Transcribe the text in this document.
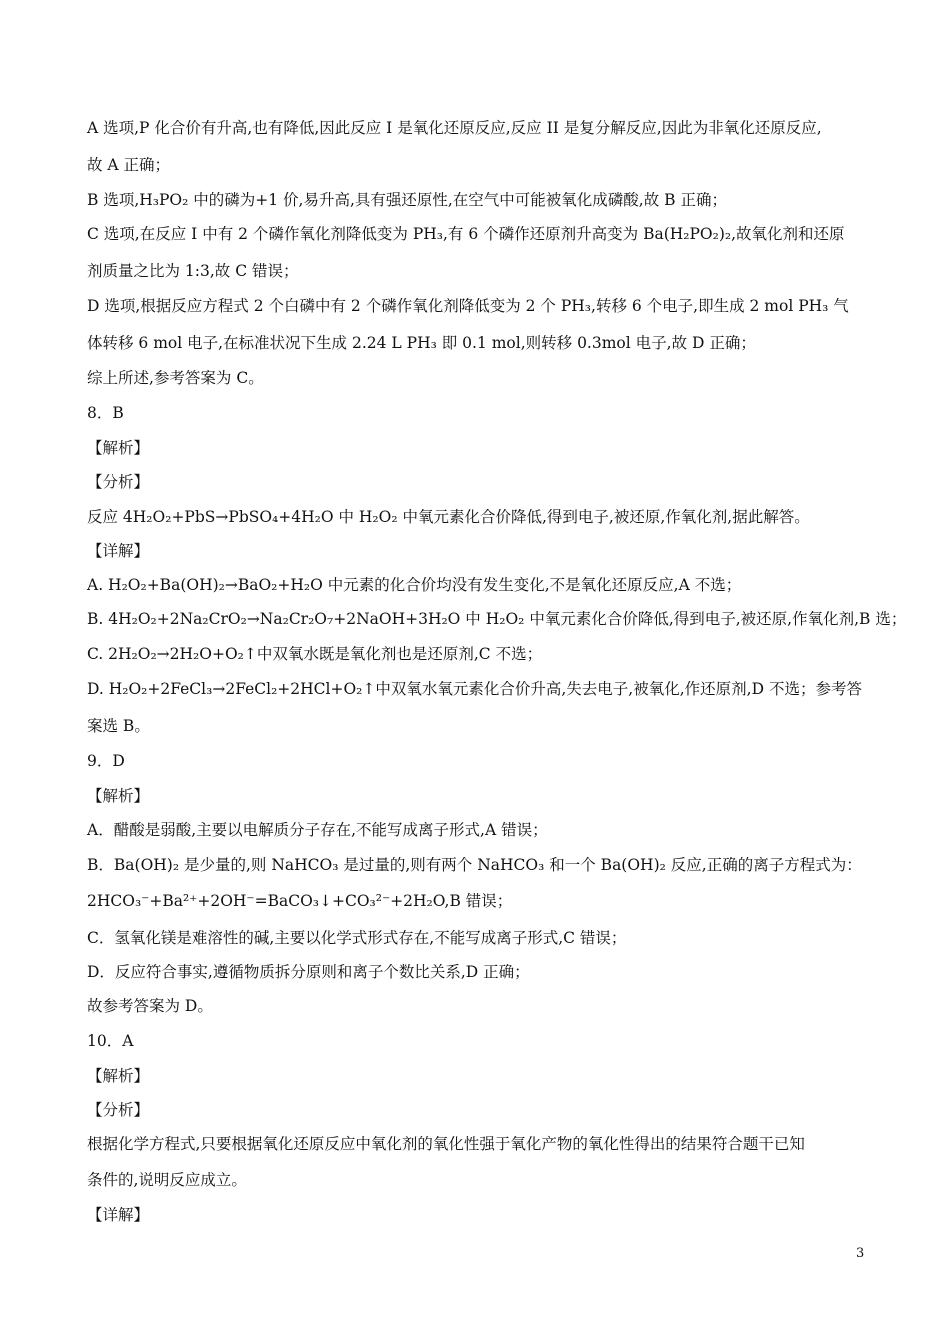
A 选项,P 化合价有升高,也有降低,因此反应 I 是氧化还原反应,反应 II 是复分解反应,因此为非氧化还原反应,
故 A 正确；
B 选项,H₃PO₂ 中的磷为+1 价,易升高,具有强还原性,在空气中可能被氧化成磷酸,故 B 正确；
C 选项,在反应 I 中有 2 个磷作氧化剂降低变为 PH₃,有 6 个磷作还原剂升高变为 Ba(H₂PO₂)₂,故氧化剂和还原
剂质量之比为 1:3,故 C 错误；
D 选项,根据反应方程式 2 个白磷中有 2 个磷作氧化剂降低变为 2 个 PH₃,转移 6 个电子,即生成 2 mol PH₃ 气
体转移 6 mol 电子,在标准状况下生成 2.24 L PH₃ 即 0.1 mol,则转移 0.3mol 电子,故 D 正确；
综上所述,参考答案为 C。
8．B
【解析】
【分析】
反应 4H₂O₂+PbS→PbSO₄+4H₂O 中 H₂O₂ 中氧元素化合价降低,得到电子,被还原,作氧化剂,据此解答。
【详解】
A. H₂O₂+Ba(OH)₂→BaO₂+H₂O 中元素的化合价均没有发生变化,不是氧化还原反应,A 不选；
B. 4H₂O₂+2Na₂CrO₂→Na₂Cr₂O₇+2NaOH+3H₂O 中 H₂O₂ 中氧元素化合价降低,得到电子,被还原,作氧化剂,B 选；
C. 2H₂O₂→2H₂O+O₂↑中双氧水既是氧化剂也是还原剂,C 不选；
D. H₂O₂+2FeCl₃→2FeCl₂+2HCl+O₂↑中双氧水氧元素化合价升高,失去电子,被氧化,作还原剂,D 不选；参考答
案选 B。
9．D
【解析】
A．醋酸是弱酸,主要以电解质分子存在,不能写成离子形式,A 错误；
B．Ba(OH)₂ 是少量的,则 NaHCO₃ 是过量的,则有两个 NaHCO₃ 和一个 Ba(OH)₂ 反应,正确的离子方程式为：
2HCO₃⁻+Ba²⁺+2OH⁻=BaCO₃↓+CO₃²⁻+2H₂O,B 错误；
C．氢氧化镁是难溶性的碱,主要以化学式形式存在,不能写成离子形式,C 错误；
D．反应符合事实,遵循物质拆分原则和离子个数比关系,D 正确；
故参考答案为 D。
10．A
【解析】
【分析】
根据化学方程式,只要根据氧化还原反应中氧化剂的氧化性强于氧化产物的氧化性得出的结果符合题干已知
条件的,说明反应成立。
【详解】
3
